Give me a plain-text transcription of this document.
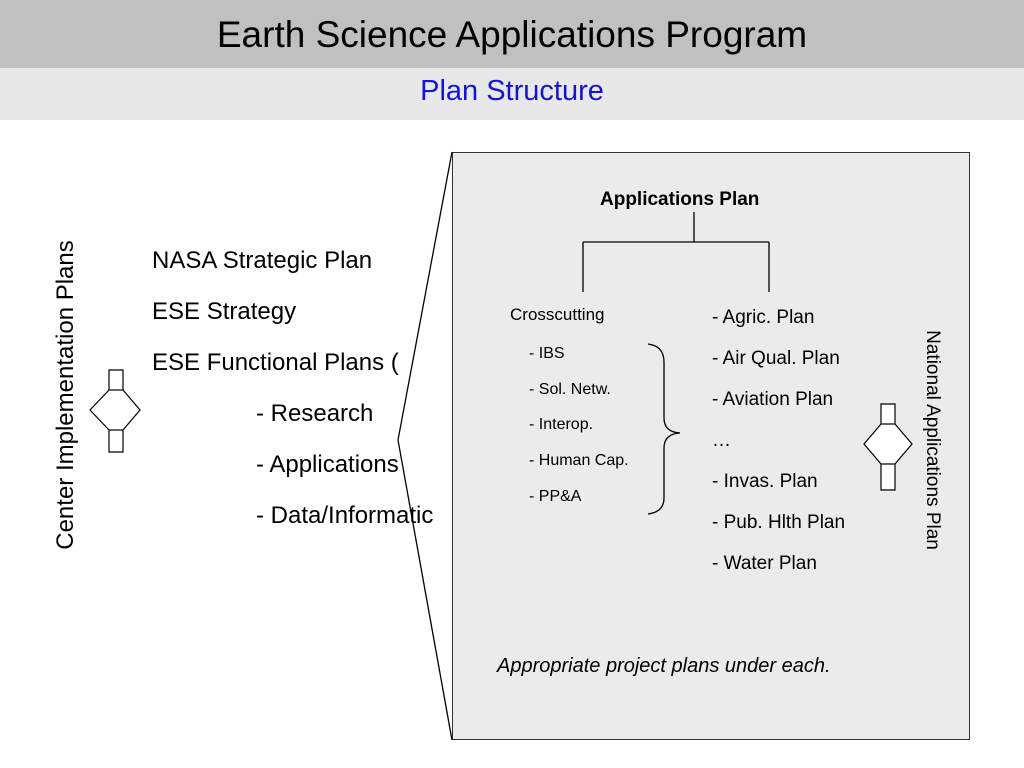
Earth Science Applications Program
Plan Structure
Center Implementation Plans	NASA Strategic Plan
ESE Strategy
ESE Functional Plans (
- Research
- Applications
- Data/Informatic
Applications Plan
Crosscutting
- IBS
- Sol. Netw.
- Interop.
- Human Cap.
- PP&A
- Agric. Plan
- Air Qual. Plan
- Aviation Plan
…
- Invas. Plan
- Pub. Hlth Plan
- Water Plan
Appropriate project plans under each.
National Applications Plan
